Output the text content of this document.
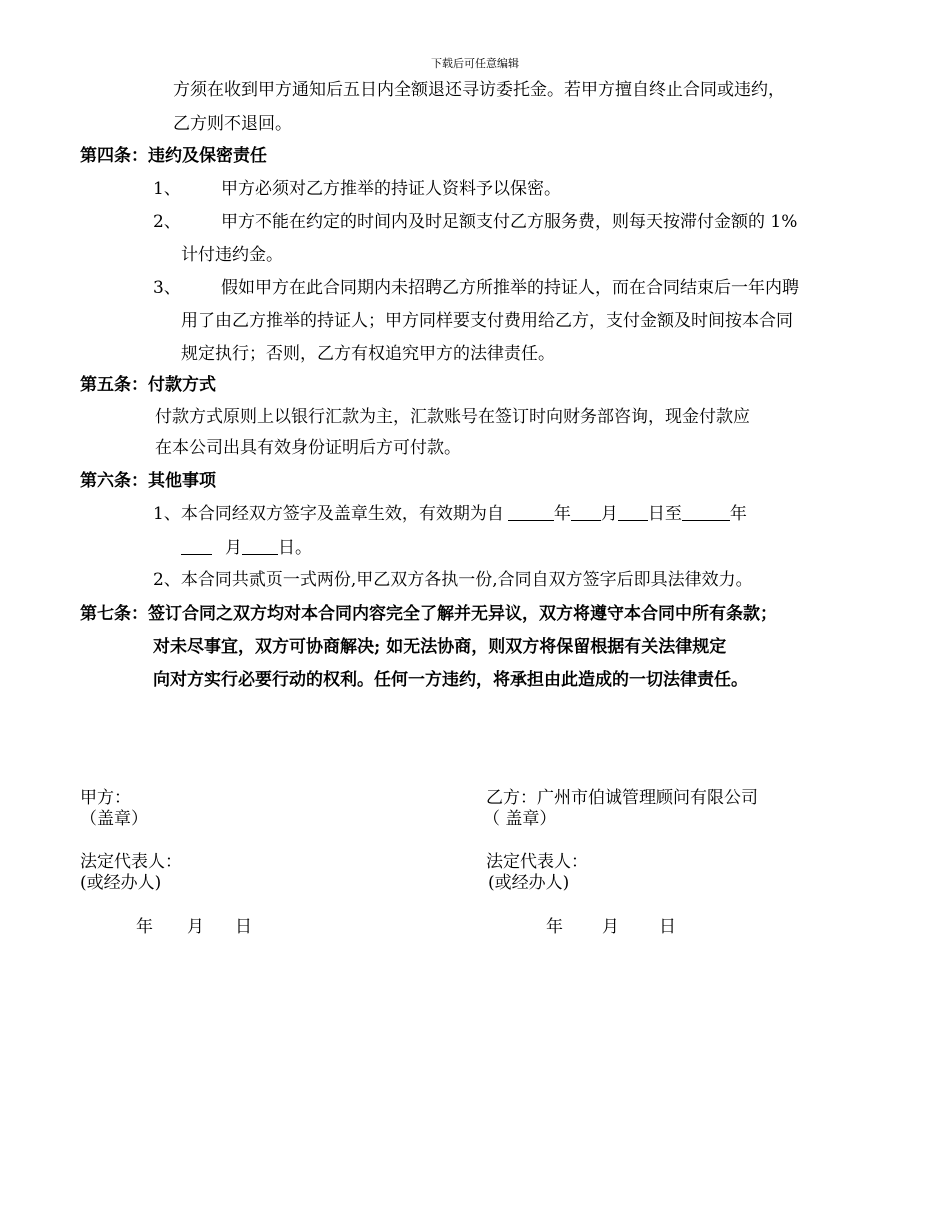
下载后可任意编辑
方须在收到甲方通知后五日内全额退还寻访委托金。若甲方擅自终止合同或违约，
乙方则不退回。
第四条：违约及保密责任
1、 甲方必须对乙方推举的持证人资料予以保密。
2、 甲方不能在约定的时间内及时足额支付乙方服务费，则每天按滞付金额的 1%
计付违约金。
3、 假如甲方在此合同期内未招聘乙方所推举的持证人，而在合同结束后一年内聘
用了由乙方推举的持证人；甲方同样要支付费用给乙方，支付金额及时间按本合同
规定执行；否则，乙方有权追究甲方的法律责任。
第五条：付款方式
付款方式原则上以银行汇款为主，汇款账号在签订时向财务部咨询，现金付款应
在本公司出具有效身份证明后方可付款。
第六条：其他事项
1、本合同经双方签字及盖章生效，有效期为自	年 月 日至	年
月 日。
2、本合同共贰页一式两份,甲乙双方各执一份,合同自双方签字后即具法律效力。
第七条：签订合同之双方均对本合同内容完全了解并无异议，双方将遵守本合同中所有条款；
对未尽事宜，双方可协商解决; 如无法协商，则双方将保留根据有关法律规定
向对方实行必要行动的权利。任何一方违约，将承担由此造成的一切法律责任。
甲方：
（盖章）
法定代表人：
(或经办人)
年 月 日
乙方：广州市伯诚管理顾问有限公司
（ 盖章）
法定代表人：
(或经办人)
年 月 日
